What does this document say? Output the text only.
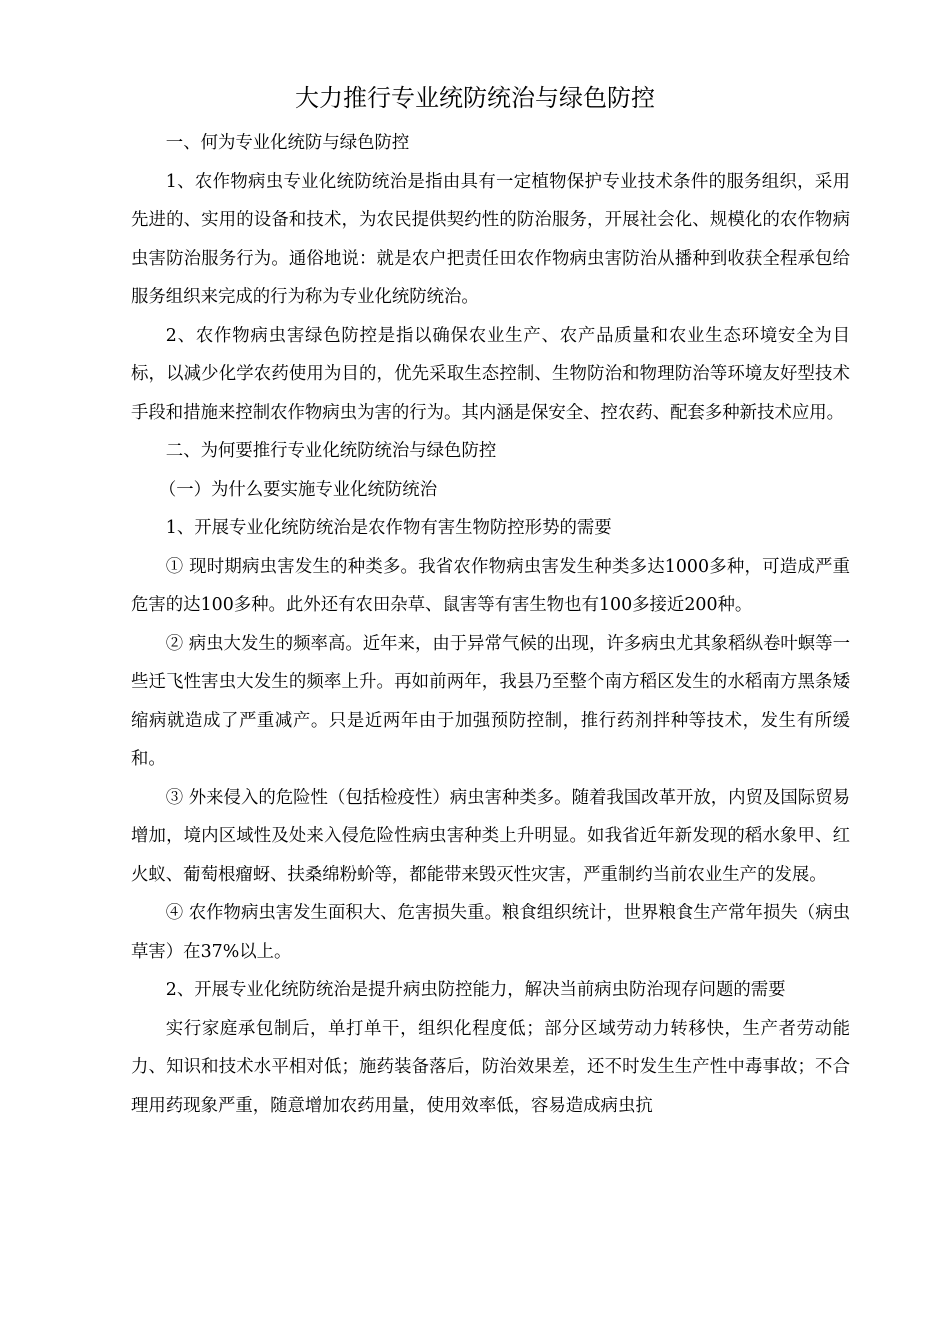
大力推行专业统防统治与绿色防控

一、何为专业化统防与绿色防控

1、农作物病虫专业化统防统治是指由具有一定植物保护专业技术条件的服务组织，采用先进的、实用的设备和技术，为农民提供契约性的防治服务，开展社会化、规模化的农作物病虫害防治服务行为。通俗地说：就是农户把责任田农作物病虫害防治从播种到收获全程承包给服务组织来完成的行为称为专业化统防统治。

2、农作物病虫害绿色防控是指以确保农业生产、农产品质量和农业生态环境安全为目标，以减少化学农药使用为目的，优先采取生态控制、生物防治和物理防治等环境友好型技术手段和措施来控制农作物病虫为害的行为。其内涵是保安全、控农药、配套多种新技术应用。

二、为何要推行专业化统防统治与绿色防控

（一）为什么要实施专业化统防统治

1、开展专业化统防统治是农作物有害生物防控形势的需要

① 现时期病虫害发生的种类多。我省农作物病虫害发生种类多达1000多种，可造成严重危害的达100多种。此外还有农田杂草、鼠害等有害生物也有100多接近200种。

② 病虫大发生的频率高。近年来，由于异常气候的出现，许多病虫尤其象稻纵卷叶螟等一些迁飞性害虫大发生的频率上升。再如前两年，我县乃至整个南方稻区发生的水稻南方黑条矮缩病就造成了严重减产。只是近两年由于加强预防控制，推行药剂拌种等技术，发生有所缓和。

③ 外来侵入的危险性（包括检疫性）病虫害种类多。随着我国改革开放，内贸及国际贸易增加，境内区域性及处来入侵危险性病虫害种类上升明显。如我省近年新发现的稻水象甲、红火蚁、葡萄根瘤蚜、扶桑绵粉蚧等，都能带来毁灭性灾害，严重制约当前农业生产的发展。

④ 农作物病虫害发生面积大、危害损失重。粮食组织统计，世界粮食生产常年损失（病虫草害）在37%以上。

2、开展专业化统防统治是提升病虫防控能力，解决当前病虫防治现存问题的需要

实行家庭承包制后，单打单干，组织化程度低；部分区域劳动力转移快，生产者劳动能力、知识和技术水平相对低；施药装备落后，防治效果差，还不时发生生产性中毒事故；不合理用药现象严重，随意增加农药用量，使用效率低，容易造成病虫抗
